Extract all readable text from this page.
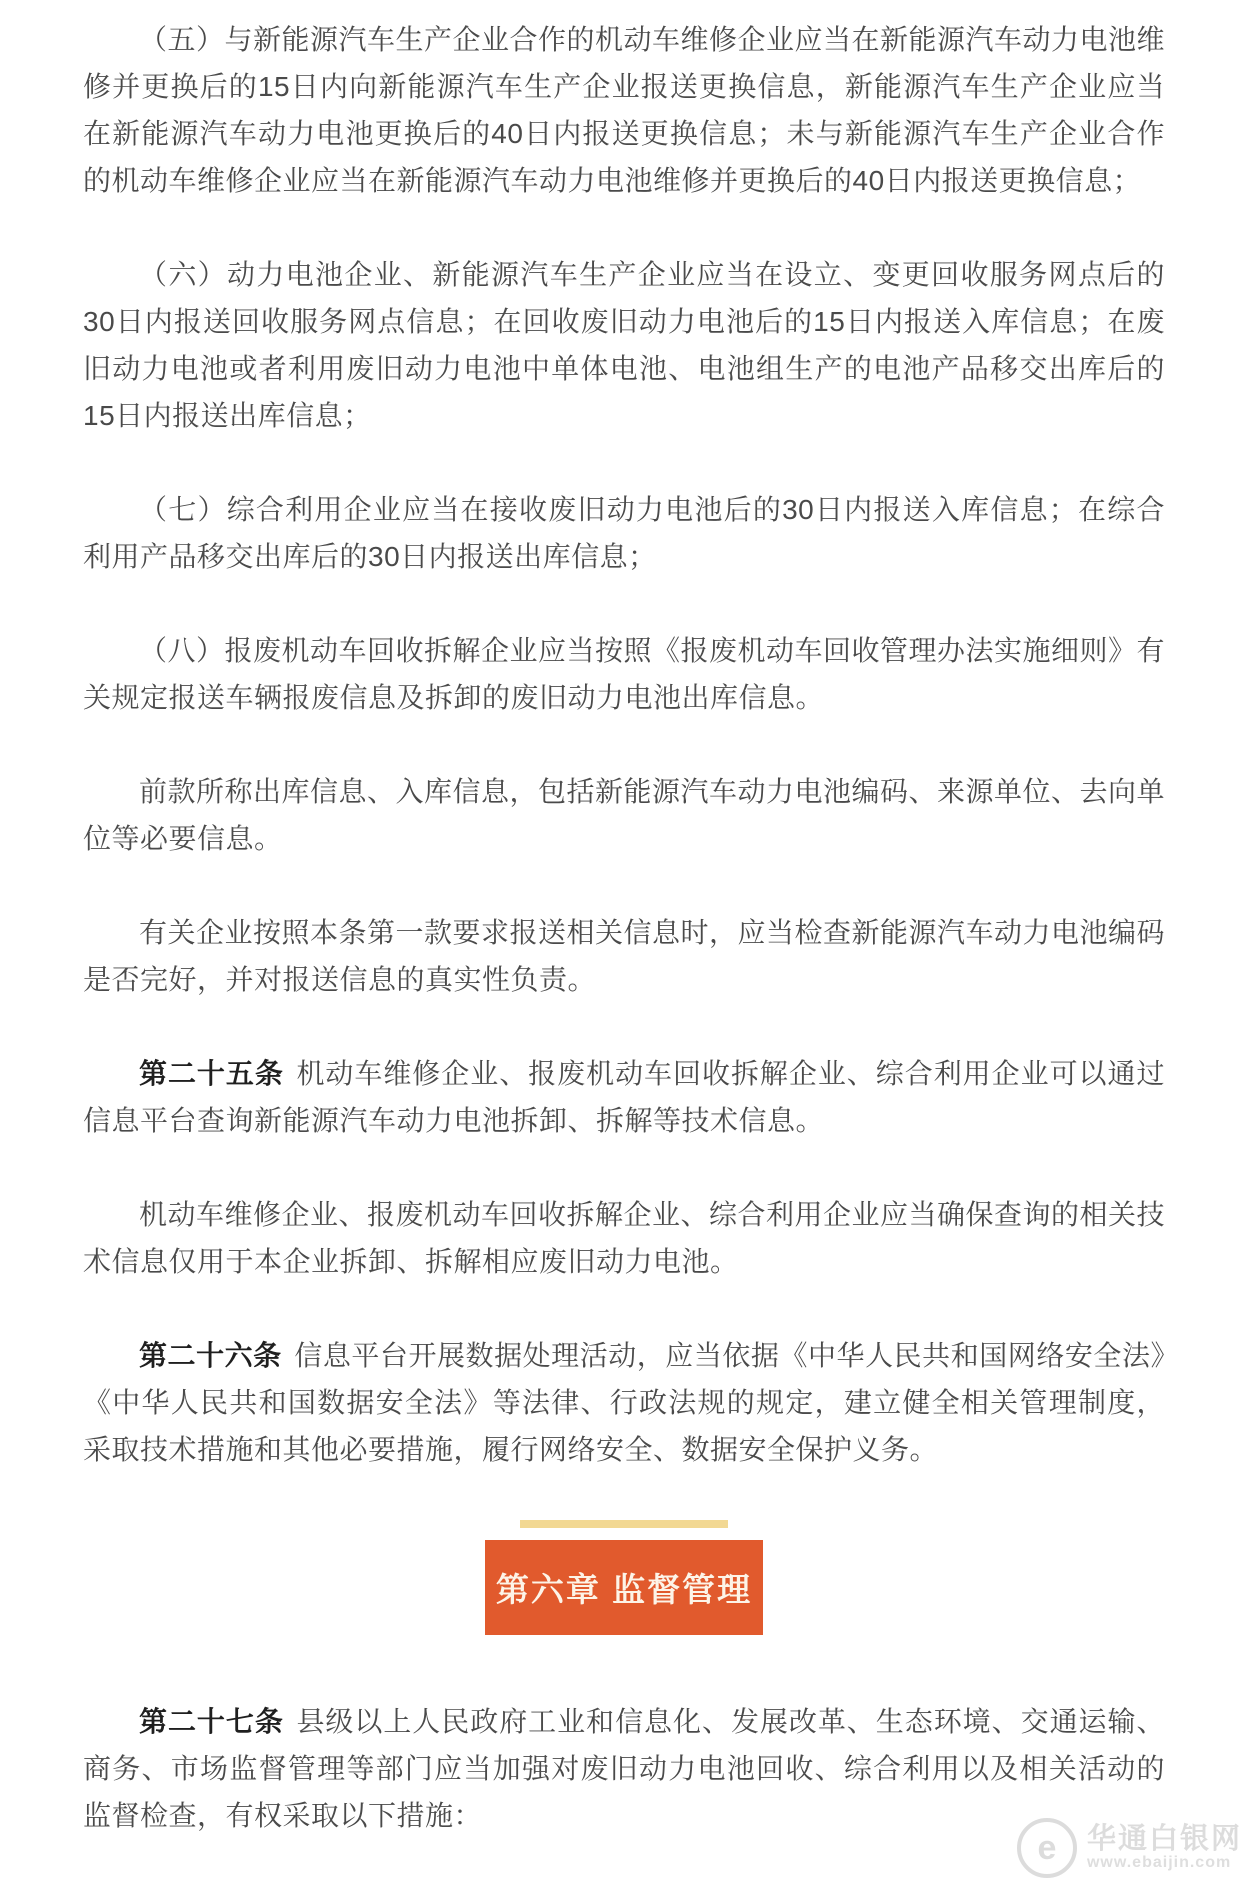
（五）与新能源汽车生产企业合作的机动车维修企业应当在新能源汽车动力电池维修并更换后的15日内向新能源汽车生产企业报送更换信息，新能源汽车生产企业应当在新能源汽车动力电池更换后的40日内报送更换信息；未与新能源汽车生产企业合作的机动车维修企业应当在新能源汽车动力电池维修并更换后的40日内报送更换信息；

（六）动力电池企业、新能源汽车生产企业应当在设立、变更回收服务网点后的30日内报送回收服务网点信息；在回收废旧动力电池后的15日内报送入库信息；在废旧动力电池或者利用废旧动力电池中单体电池、电池组生产的电池产品移交出库后的15日内报送出库信息；

（七）综合利用企业应当在接收废旧动力电池后的30日内报送入库信息；在综合利用产品移交出库后的30日内报送出库信息；

（八）报废机动车回收拆解企业应当按照《报废机动车回收管理办法实施细则》有关规定报送车辆报废信息及拆卸的废旧动力电池出库信息。

前款所称出库信息、入库信息，包括新能源汽车动力电池编码、来源单位、去向单位等必要信息。

有关企业按照本条第一款要求报送相关信息时，应当检查新能源汽车动力电池编码是否完好，并对报送信息的真实性负责。

第二十五条 机动车维修企业、报废机动车回收拆解企业、综合利用企业可以通过信息平台查询新能源汽车动力电池拆卸、拆解等技术信息。

机动车维修企业、报废机动车回收拆解企业、综合利用企业应当确保查询的相关技术信息仅用于本企业拆卸、拆解相应废旧动力电池。

第二十六条 信息平台开展数据处理活动，应当依据《中华人民共和国网络安全法》《中华人民共和国数据安全法》等法律、行政法规的规定，建立健全相关管理制度，采取技术措施和其他必要措施，履行网络安全、数据安全保护义务。

第六章 监督管理

第二十七条 县级以上人民政府工业和信息化、发展改革、生态环境、交通运输、商务、市场监督管理等部门应当加强对废旧动力电池回收、综合利用以及相关活动的监督检查，有权采取以下措施：

e 华通白银网
www.ebaijin.com
